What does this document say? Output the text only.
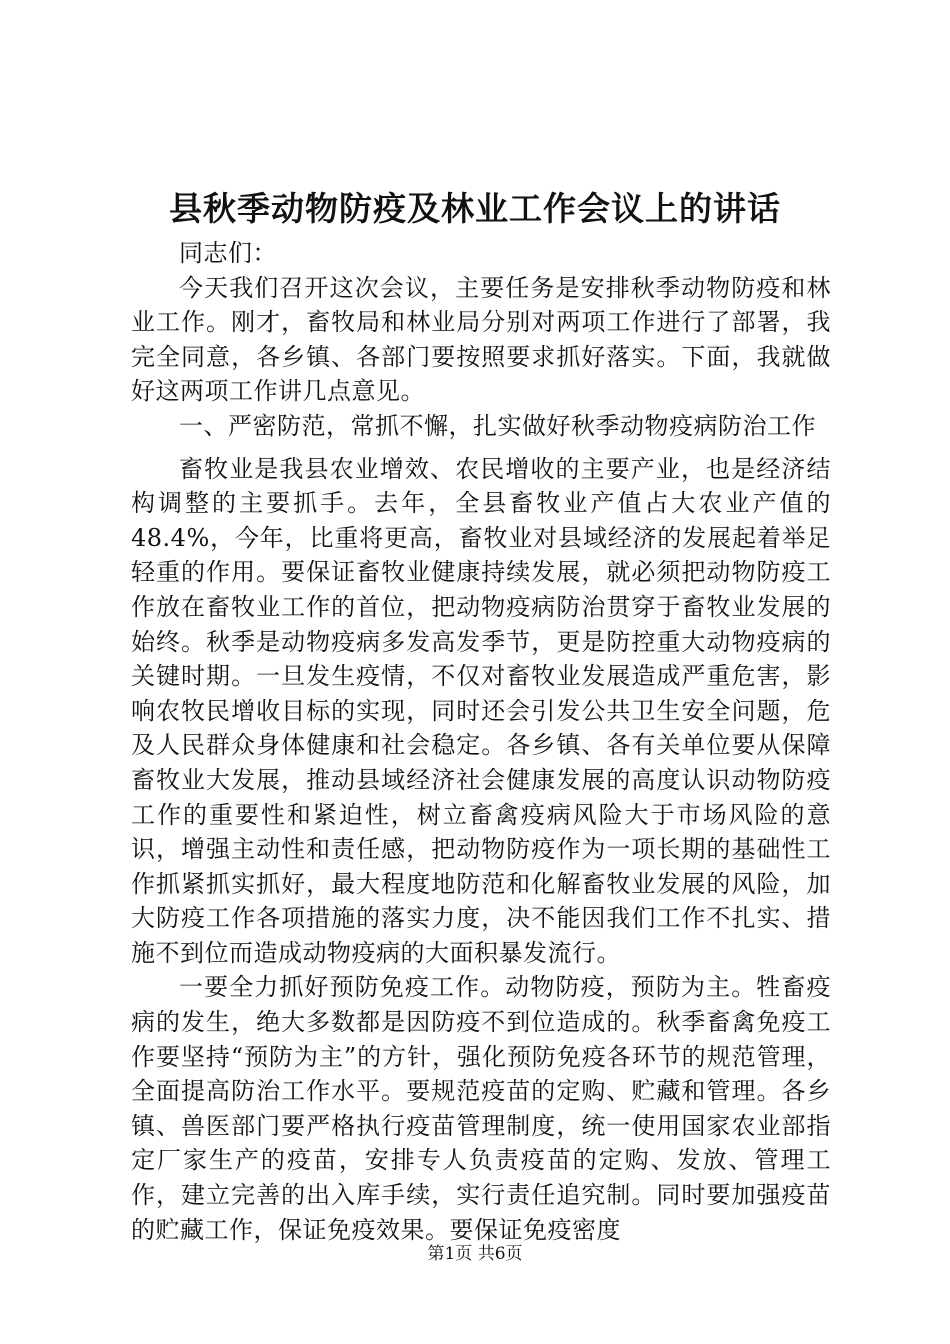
县秋季动物防疫及林业工作会议上的讲话

同志们：

今天我们召开这次会议，主要任务是安排秋季动物防疫和林业工作。刚才，畜牧局和林业局分别对两项工作进行了部署，我完全同意，各乡镇、各部门要按照要求抓好落实。下面，我就做好这两项工作讲几点意见。

一、严密防范，常抓不懈，扎实做好秋季动物疫病防治工作

畜牧业是我县农业增效、农民增收的主要产业，也是经济结构调整的主要抓手。去年，全县畜牧业产值占大农业产值的48.4%，今年，比重将更高，畜牧业对县域经济的发展起着举足轻重的作用。要保证畜牧业健康持续发展，就必须把动物防疫工作放在畜牧业工作的首位，把动物疫病防治贯穿于畜牧业发展的始终。秋季是动物疫病多发高发季节，更是防控重大动物疫病的关键时期。一旦发生疫情，不仅对畜牧业发展造成严重危害，影响农牧民增收目标的实现，同时还会引发公共卫生安全问题，危及人民群众身体健康和社会稳定。各乡镇、各有关单位要从保障畜牧业大发展，推动县域经济社会健康发展的高度认识动物防疫工作的重要性和紧迫性，树立畜禽疫病风险大于市场风险的意识，增强主动性和责任感，把动物防疫作为一项长期的基础性工作抓紧抓实抓好，最大程度地防范和化解畜牧业发展的风险，加大防疫工作各项措施的落实力度，决不能因我们工作不扎实、措施不到位而造成动物疫病的大面积暴发流行。

一要全力抓好预防免疫工作。动物防疫，预防为主。牲畜疫病的发生，绝大多数都是因防疫不到位造成的。秋季畜禽免疫工作要坚持“预防为主”的方针，强化预防免疫各环节的规范管理，全面提高防治工作水平。要规范疫苗的定购、贮藏和管理。各乡镇、兽医部门要严格执行疫苗管理制度，统一使用国家农业部指定厂家生产的疫苗，安排专人负责疫苗的定购、发放、管理工作，建立完善的出入库手续，实行责任追究制。同时要加强疫苗的贮藏工作，保证免疫效果。要保证免疫密度

第1页 共6页
